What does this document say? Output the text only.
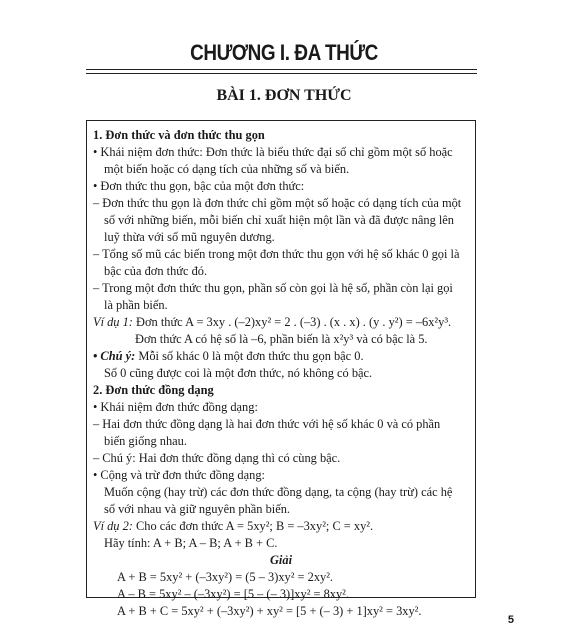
CHƯƠNG I. ĐA THỨC
BÀI 1. ĐƠN THỨC
1. Đơn thức và đơn thức thu gọn
• Khái niệm đơn thức: Đơn thức là biểu thức đại số chỉ gồm một số hoặc
một biến hoặc có dạng tích của những số và biến.
• Đơn thức thu gọn, bậc của một đơn thức:
– Đơn thức thu gọn là đơn thức chỉ gồm một số hoặc có dạng tích của một
số với những biến, mỗi biến chỉ xuất hiện một lần và đã được nâng lên
luỹ thừa với số mũ nguyên dương.
– Tổng số mũ các biến trong một đơn thức thu gọn với hệ số khác 0 gọi là
bậc của đơn thức đó.
– Trong một đơn thức thu gọn, phần số còn gọi là hệ số, phần còn lại gọi
là phần biến.
Ví dụ 1: Đơn thức A = 3xy . (–2)xy² = 2 . (–3) . (x . x) . (y . y²) = –6x²y³.
Đơn thức A có hệ số là –6, phần biến là x²y³ và có bậc là 5.
• Chú ý: Mỗi số khác 0 là một đơn thức thu gọn bậc 0.
Số 0 cũng được coi là một đơn thức, nó không có bậc.
2. Đơn thức đồng dạng
• Khái niệm đơn thức đồng dạng:
– Hai đơn thức đồng dạng là hai đơn thức với hệ số khác 0 và có phần
biến giống nhau.
– Chú ý: Hai đơn thức đồng dạng thì có cùng bậc.
• Cộng và trừ đơn thức đồng dạng:
Muốn cộng (hay trừ) các đơn thức đồng dạng, ta cộng (hay trừ) các hệ
số với nhau và giữ nguyên phần biến.
Ví dụ 2: Cho các đơn thức A = 5xy²; B = –3xy²; C = xy².
Hãy tính: A + B; A – B; A + B + C.
Giải
A + B = 5xy² + (–3xy²) = (5 – 3)xy² = 2xy².
A – B = 5xy² – (–3xy²) = [5 – (– 3)]xy² = 8xy².
A + B + C = 5xy² + (–3xy²) + xy² = [5 + (– 3) + 1]xy² = 3xy².
5
